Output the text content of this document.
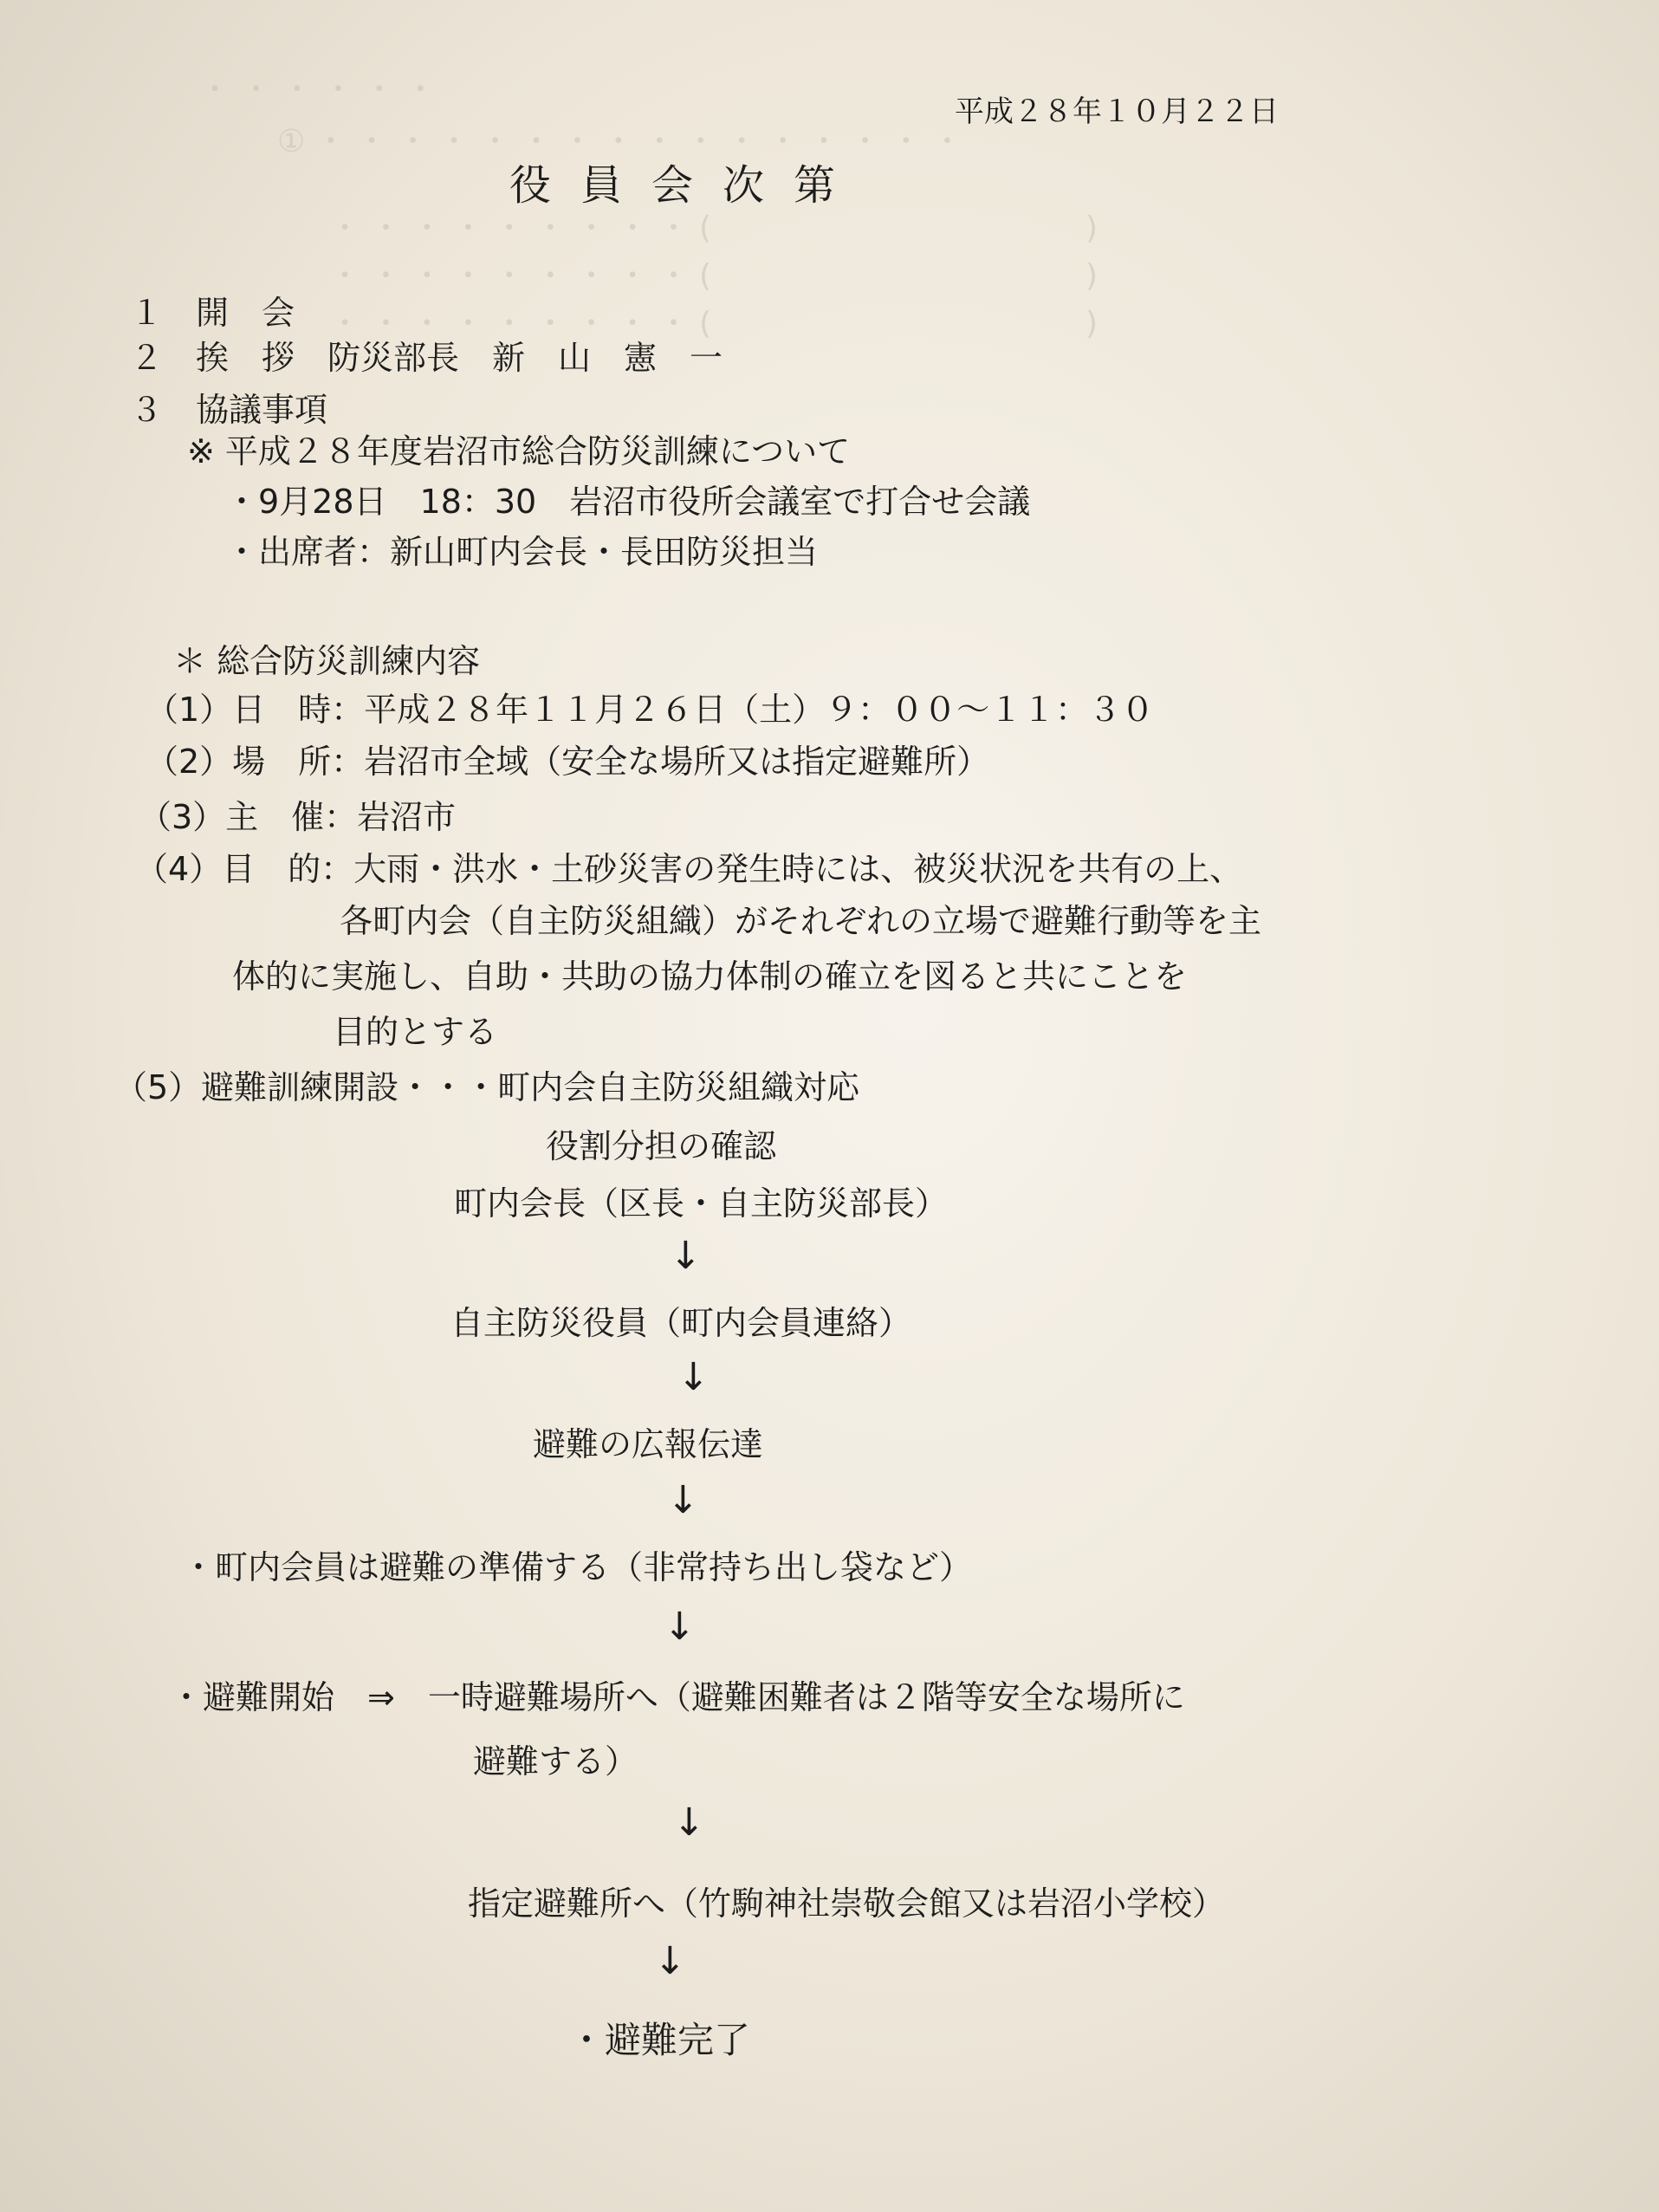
・ ・ ・ ・ ・ ・
① ・ ・ ・ ・ ・ ・ ・ ・ ・ ・ ・ ・ ・ ・ ・ ・
・ ・ ・ ・ ・ ・ ・ ・ ・ (　　　　　　　　　　　　)
・ ・ ・ ・ ・ ・ ・ ・ ・ (　　　　　　　　　　　　)
・ ・ ・ ・ ・ ・ ・ ・ ・ (　　　　　　　　　　　　)
平成２８年１０月２２日
役員会次第
１　開　会
２　挨　拶　防災部長　新　山　憲　一
３　協議事項
※ 平成２８年度岩沼市総合防災訓練について
・9月28日　18：30　岩沼市役所会議室で打合せ会議
・出席者：新山町内会長・長田防災担当
＊ 総合防災訓練内容
（1）日　時：平成２８年１１月２６日（土）９：００～１１：３０
（2）場　所：岩沼市全域（安全な場所又は指定避難所）
（3）主　催：岩沼市
（4）目　的：大雨・洪水・土砂災害の発生時には、被災状況を共有の上、
各町内会（自主防災組織）がそれぞれの立場で避難行動等を主
体的に実施し、自助・共助の協力体制の確立を図ると共にことを
目的とする
（5）避難訓練開設・・・町内会自主防災組織対応
役割分担の確認
町内会長（区長・自主防災部長）
↓
自主防災役員（町内会員連絡）
↓
避難の広報伝達
↓
・町内会員は避難の準備する（非常持ち出し袋など）
↓
・避難開始　⇒　一時避難場所へ（避難困難者は２階等安全な場所に
避難する）
↓
指定避難所へ（竹駒神社崇敬会館又は岩沼小学校）
↓
・避難完了
